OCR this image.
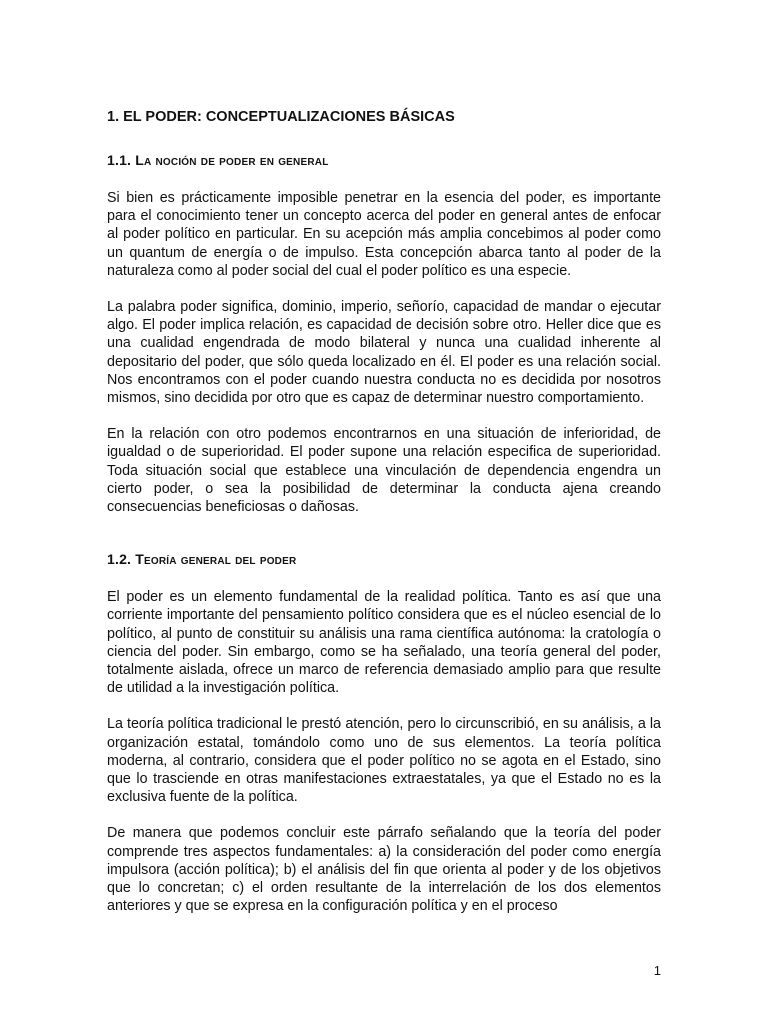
1. EL PODER: CONCEPTUALIZACIONES BÁSICAS
1.1. La noción de poder en general

Si bien es prácticamente imposible penetrar en la esencia del poder, es importante para el conocimiento tener un concepto acerca del poder en general antes de enfocar al poder político en particular. En su acepción más amplia concebimos al poder como un quantum de energía o de impulso. Esta concepción abarca tanto al poder de la naturaleza como al poder social del cual el poder político es una especie.

La palabra poder significa, dominio, imperio, señorío, capacidad de mandar o ejecutar algo. El poder implica relación, es capacidad de decisión sobre otro. Heller dice que es una cualidad engendrada de modo bilateral y nunca una cualidad inherente al depositario del poder, que sólo queda localizado en él. El poder es una relación social. Nos encontramos con el poder cuando nuestra conducta no es decidida por nosotros mismos, sino decidida por otro que es capaz de determinar nuestro comportamiento.

En la relación con otro podemos encontrarnos en una situación de inferioridad, de igualdad o de superioridad. El poder supone una relación especifica de superioridad. Toda situación social que establece una vinculación de dependencia engendra un cierto poder, o sea la posibilidad de determinar la conducta ajena creando consecuencias beneficiosas o dañosas.

1.2. Teoría general del poder

El poder es un elemento fundamental de la realidad política. Tanto es así que una corriente importante del pensamiento político considera que es el núcleo esencial de lo político, al punto de constituir su análisis una rama científica autónoma: la cratología o ciencia del poder. Sin embargo, como se ha señalado, una teoría general del poder, totalmente aislada, ofrece un marco de referencia demasiado amplio para que resulte de utilidad a la investigación política.

La teoría política tradicional le prestó atención, pero lo circunscribió, en su análisis, a la organización estatal, tomándolo como uno de sus elementos. La teoría política moderna, al contrario, considera que el poder político no se agota en el Estado, sino que lo trasciende en otras manifestaciones extraestatales, ya que el Estado no es la exclusiva fuente de la política.

De manera que podemos concluir este párrafo señalando que la teoría del poder comprende tres aspectos fundamentales: a) la consideración del poder como energía impulsora (acción política); b) el análisis del fin que orienta al poder y de los objetivos que lo concretan; c) el orden resultante de la interrelación de los dos elementos anteriores y que se expresa en la configuración política y en el proceso

1
